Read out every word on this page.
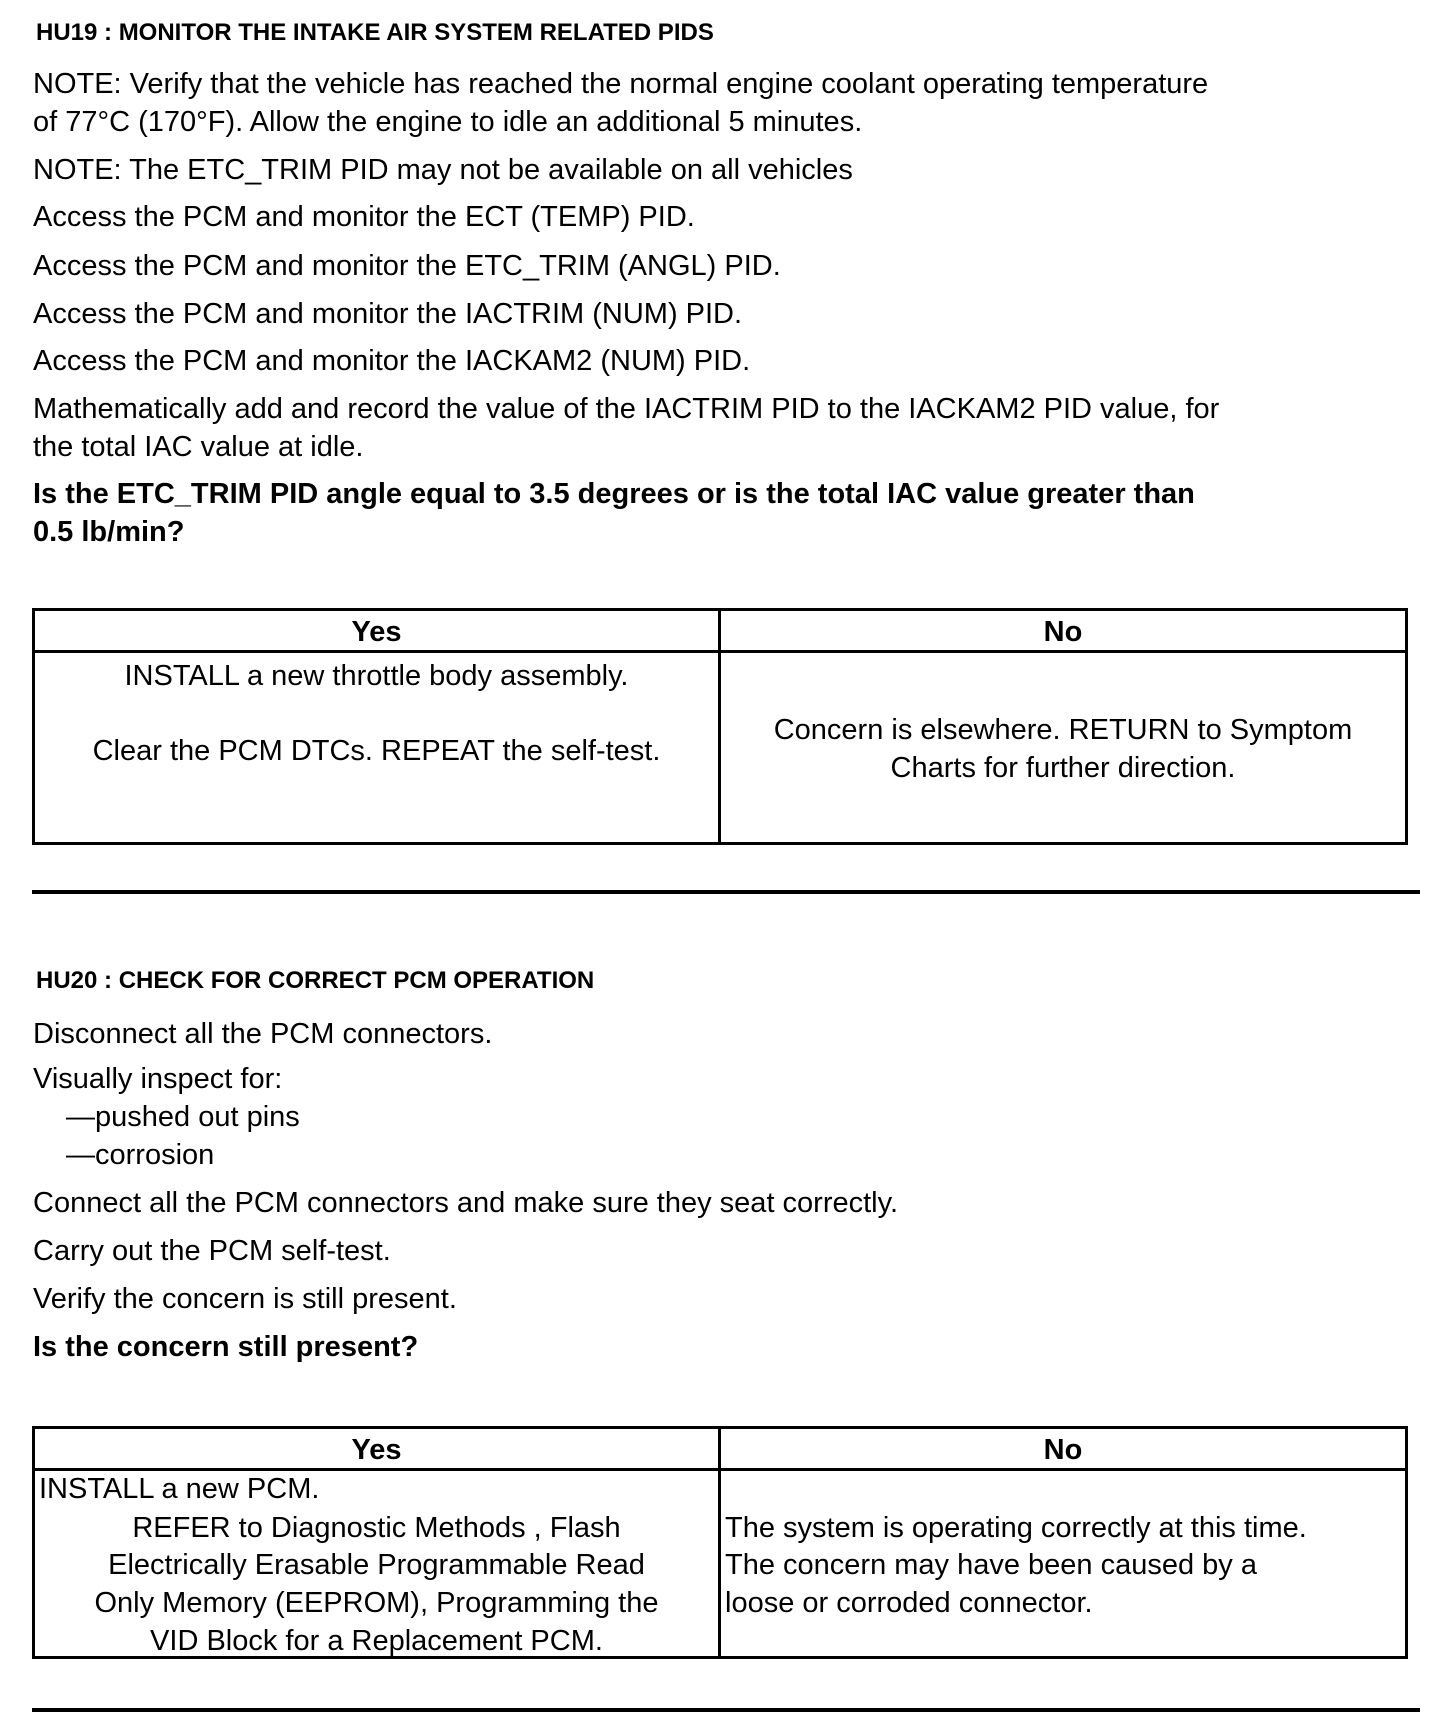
HU19 : MONITOR THE INTAKE AIR SYSTEM RELATED PIDS
NOTE: Verify that the vehicle has reached the normal engine coolant operating temperature
of 77°C (170°F). Allow the engine to idle an additional 5 minutes.
NOTE: The ETC_TRIM PID may not be available on all vehicles
Access the PCM and monitor the ECT (TEMP) PID.
Access the PCM and monitor the ETC_TRIM (ANGL) PID.
Access the PCM and monitor the IACTRIM (NUM) PID.
Access the PCM and monitor the IACKAM2 (NUM) PID.
Mathematically add and record the value of the IACTRIM PID to the IACKAM2 PID value, for
the total IAC value at idle.
Is the ETC_TRIM PID angle equal to 3.5 degrees or is the total IAC value greater than
0.5 lb/min?
Yes	No
INSTALL a new throttle body assembly.
Clear the PCM DTCs. REPEAT the self-test.
Concern is elsewhere. RETURN to Symptom
Charts for further direction.
HU20 : CHECK FOR CORRECT PCM OPERATION
Disconnect all the PCM connectors.
Visually inspect for:
—pushed out pins
—corrosion
Connect all the PCM connectors and make sure they seat correctly.
Carry out the PCM self-test.
Verify the concern is still present.
Is the concern still present?
Yes	No
INSTALL a new PCM.
REFER to Diagnostic Methods , Flash
Electrically Erasable Programmable Read
Only Memory (EEPROM), Programming the
VID Block for a Replacement PCM.
The system is operating correctly at this time.
The concern may have been caused by a
loose or corroded connector.
